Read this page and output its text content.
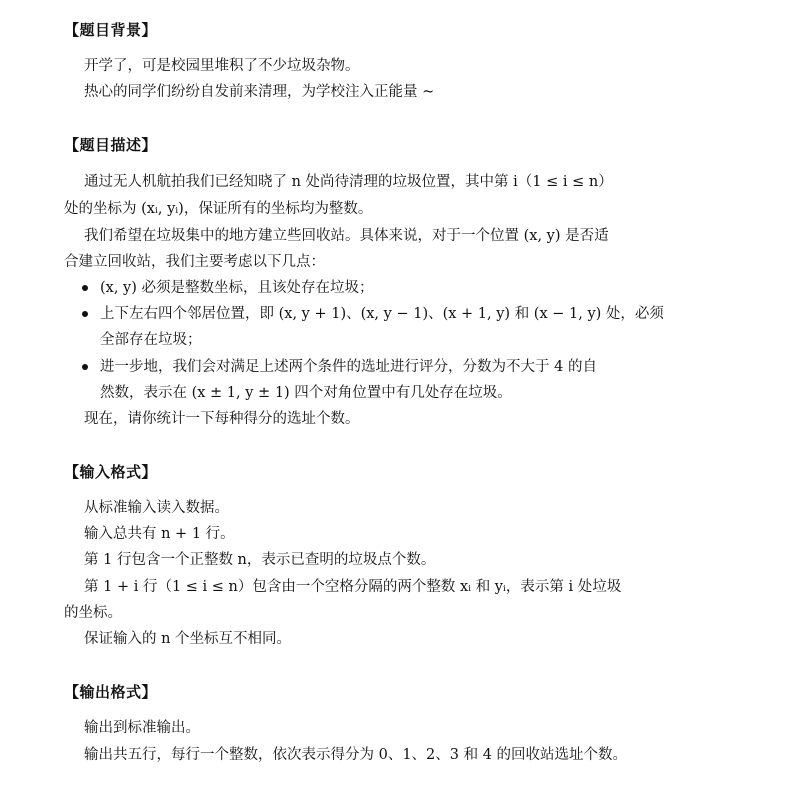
【题目背景】
开学了，可是校园里堆积了不少垃圾杂物。
热心的同学们纷纷自发前来清理，为学校注入正能量 ~
【题目描述】
通过无人机航拍我们已经知晓了 n 处尚待清理的垃圾位置，其中第 i（1 ≤ i ≤ n）
处的坐标为 (xᵢ, yᵢ)，保证所有的坐标均为整数。
我们希望在垃圾集中的地方建立些回收站。具体来说，对于一个位置 (x, y) 是否适
合建立回收站，我们主要考虑以下几点：
(x, y) 必须是整数坐标，且该处存在垃圾；
上下左右四个邻居位置，即 (x, y + 1)、(x, y − 1)、(x + 1, y) 和 (x − 1, y) 处，必须
全部存在垃圾；
进一步地，我们会对满足上述两个条件的选址进行评分，分数为不大于 4 的自
然数，表示在 (x ± 1, y ± 1) 四个对角位置中有几处存在垃圾。
现在，请你统计一下每种得分的选址个数。
【输入格式】
从标准输入读入数据。
输入总共有 n + 1 行。
第 1 行包含一个正整数 n，表示已查明的垃圾点个数。
第 1 + i 行（1 ≤ i ≤ n）包含由一个空格分隔的两个整数 xᵢ 和 yᵢ，表示第 i 处垃圾
的坐标。
保证输入的 n 个坐标互不相同。
【输出格式】
输出到标准输出。
输出共五行，每行一个整数，依次表示得分为 0、1、2、3 和 4 的回收站选址个数。
